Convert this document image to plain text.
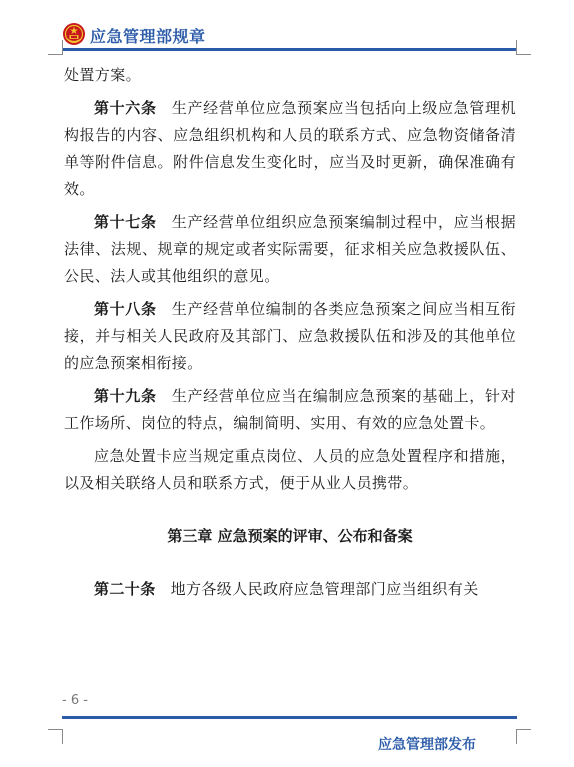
应急管理部规章

处置方案。

第十六条 生产经营单位应急预案应当包括向上级应急管理机构报告的内容、应急组织机构和人员的联系方式、应急物资储备清单等附件信息。附件信息发生变化时，应当及时更新，确保准确有效。

第十七条 生产经营单位组织应急预案编制过程中，应当根据法律、法规、规章的规定或者实际需要，征求相关应急救援队伍、公民、法人或其他组织的意见。

第十八条 生产经营单位编制的各类应急预案之间应当相互衔接，并与相关人民政府及其部门、应急救援队伍和涉及的其他单位的应急预案相衔接。

第十九条 生产经营单位应当在编制应急预案的基础上，针对工作场所、岗位的特点，编制简明、实用、有效的应急处置卡。

应急处置卡应当规定重点岗位、人员的应急处置程序和措施，以及相关联络人员和联系方式，便于从业人员携带。

第三章 应急预案的评审、公布和备案

第二十条 地方各级人民政府应急管理部门应当组织有关

- 6 -
应急管理部发布
